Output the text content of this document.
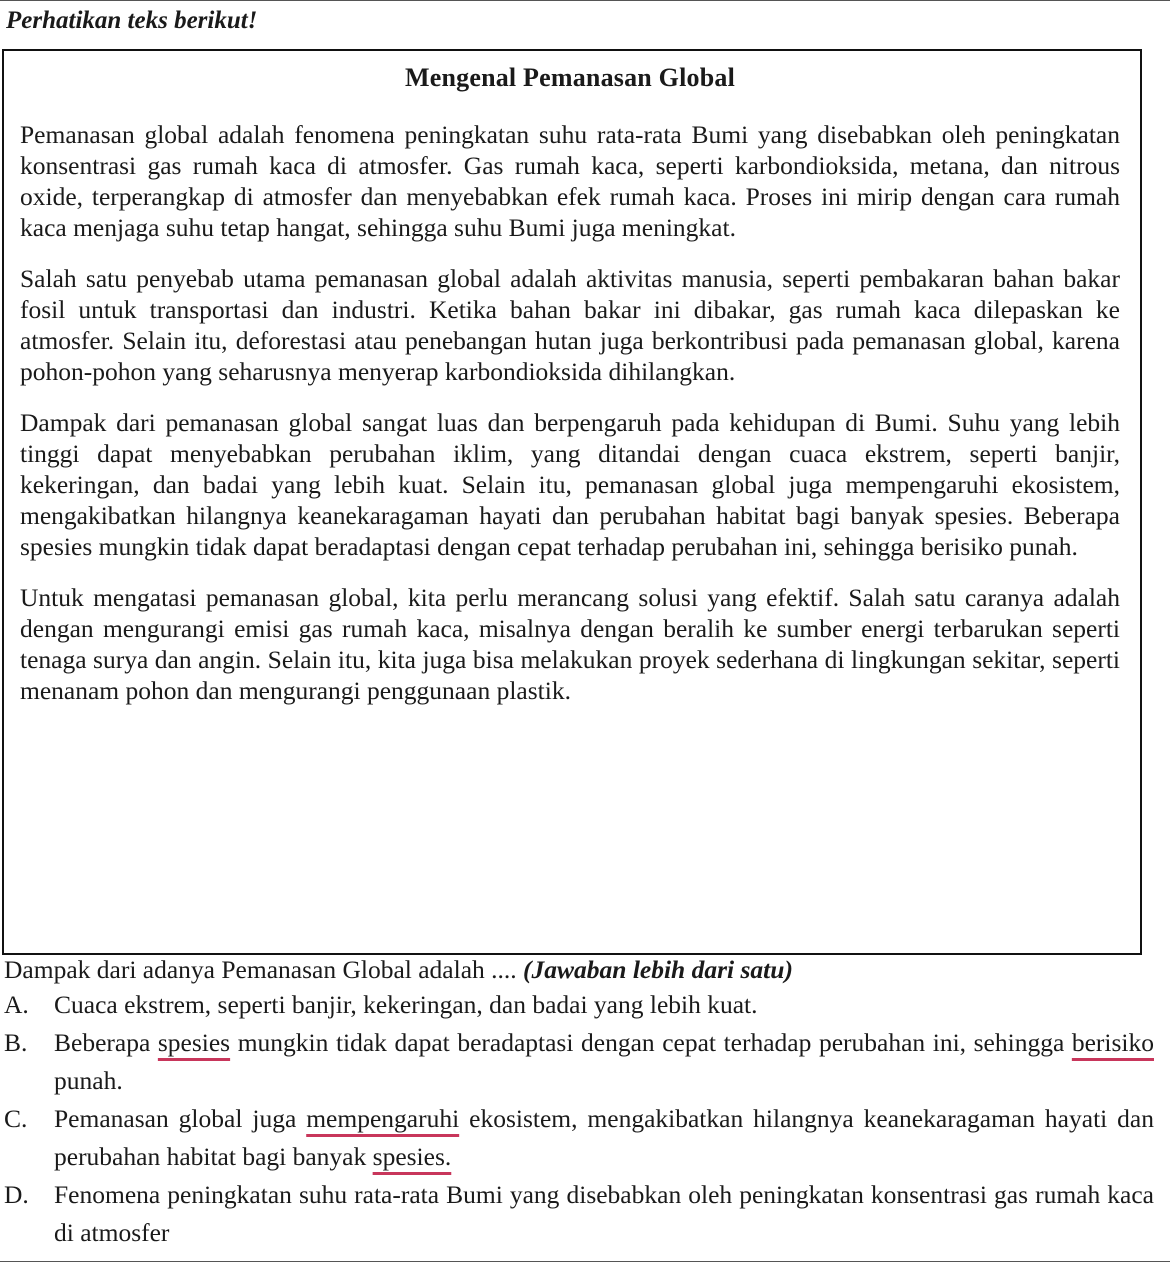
Perhatikan teks berikut!
Mengenal Pemanasan Global

Pemanasan global adalah fenomena peningkatan suhu rata-rata Bumi yang disebabkan oleh peningkatan konsentrasi gas rumah kaca di atmosfer. Gas rumah kaca, seperti karbondioksida, metana, dan nitrous oxide, terperangkap di atmosfer dan menyebabkan efek rumah kaca. Proses ini mirip dengan cara rumah kaca menjaga suhu tetap hangat, sehingga suhu Bumi juga meningkat.

Salah satu penyebab utama pemanasan global adalah aktivitas manusia, seperti pembakaran bahan bakar fosil untuk transportasi dan industri. Ketika bahan bakar ini dibakar, gas rumah kaca dilepaskan ke atmosfer. Selain itu, deforestasi atau penebangan hutan juga berkontribusi pada pemanasan global, karena pohon-pohon yang seharusnya menyerap karbondioksida dihilangkan.

Dampak dari pemanasan global sangat luas dan berpengaruh pada kehidupan di Bumi. Suhu yang lebih tinggi dapat menyebabkan perubahan iklim, yang ditandai dengan cuaca ekstrem, seperti banjir, kekeringan, dan badai yang lebih kuat. Selain itu, pemanasan global juga mempengaruhi ekosistem, mengakibatkan hilangnya keanekaragaman hayati dan perubahan habitat bagi banyak spesies. Beberapa spesies mungkin tidak dapat beradaptasi dengan cepat terhadap perubahan ini, sehingga berisiko punah.

Untuk mengatasi pemanasan global, kita perlu merancang solusi yang efektif. Salah satu caranya adalah dengan mengurangi emisi gas rumah kaca, misalnya dengan beralih ke sumber energi terbarukan seperti tenaga surya dan angin. Selain itu, kita juga bisa melakukan proyek sederhana di lingkungan sekitar, seperti menanam pohon dan mengurangi penggunaan plastik.

Dampak dari adanya Pemanasan Global adalah .... (Jawaban lebih dari satu)
A. Cuaca ekstrem, seperti banjir, kekeringan, dan badai yang lebih kuat.
B.	Beberapa spesies mungkin tidak dapat beradaptasi dengan cepat terhadap perubahan ini, sehingga berisiko punah.
C.	Pemanasan global juga mempengaruhi ekosistem, mengakibatkan hilangnya keanekaragaman hayati dan perubahan habitat bagi banyak spesies.
D. Fenomena peningkatan suhu rata-rata Bumi yang disebabkan oleh peningkatan konsentrasi gas rumah kaca di atmosfer
